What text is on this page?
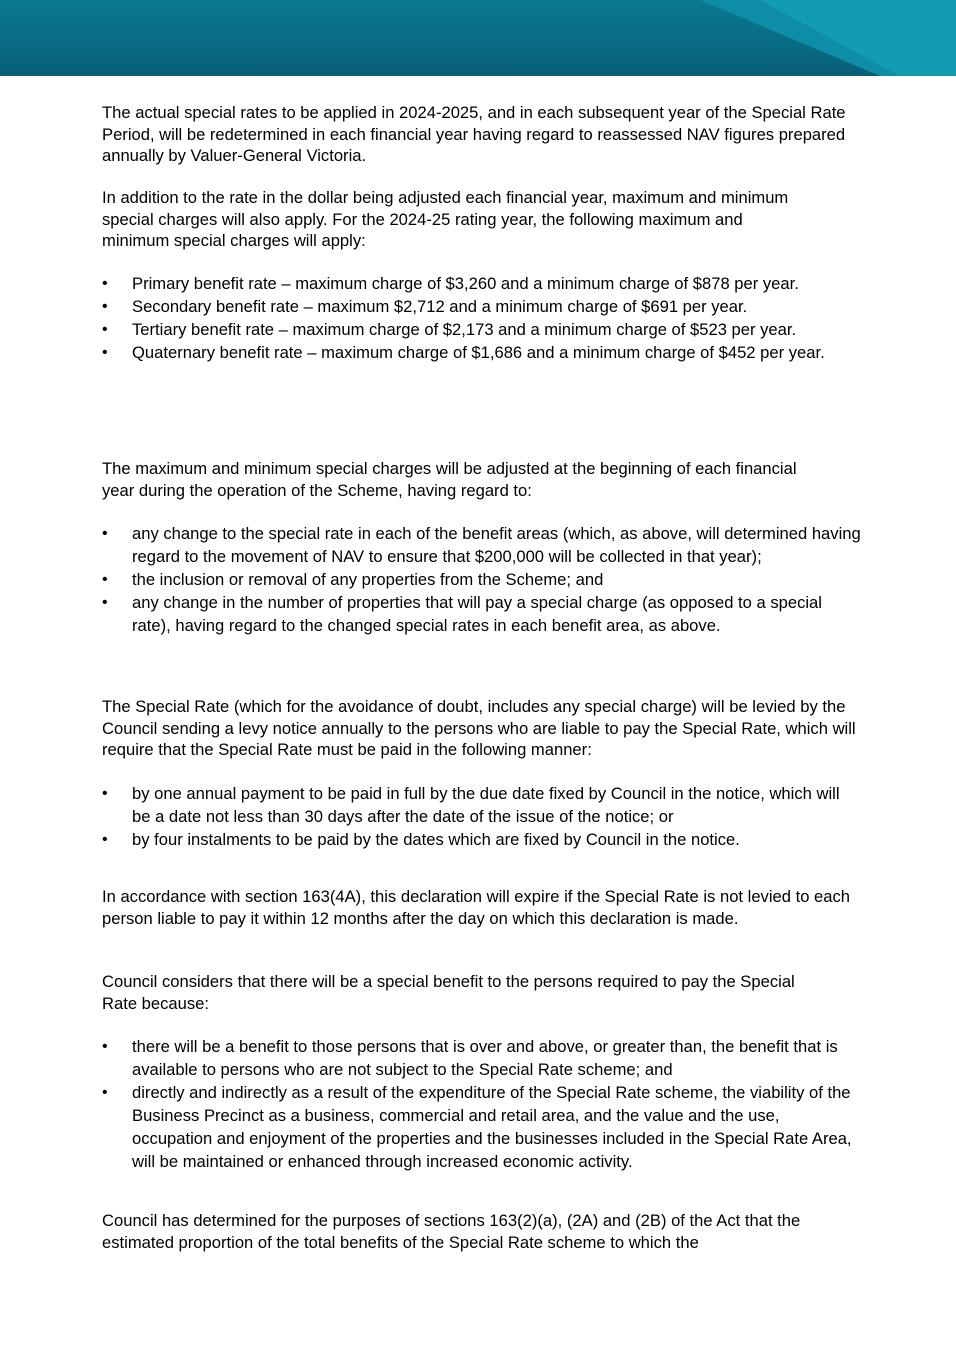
The actual special rates to be applied in 2024-2025, and in each subsequent year of the Special Rate Period, will be redetermined in each financial year having regard to reassessed NAV figures prepared annually by Valuer-General Victoria.

In addition to the rate in the dollar being adjusted each financial year, maximum and minimum special charges will also apply. For the 2024-25 rating year, the following maximum and minimum special charges will apply:

• Primary benefit rate – maximum charge of $3,260 and a minimum charge of $878 per year.
• Secondary benefit rate – maximum $2,712 and a minimum charge of $691 per year.
• Tertiary benefit rate – maximum charge of $2,173 and a minimum charge of $523 per year.
• Quaternary benefit rate – maximum charge of $1,686 and a minimum charge of $452 per year.

The maximum and minimum special charges will be adjusted at the beginning of each financial year during the operation of the Scheme, having regard to:

• any change to the special rate in each of the benefit areas (which, as above, will determined having regard to the movement of NAV to ensure that $200,000 will be collected in that year);
• the inclusion or removal of any properties from the Scheme; and
• any change in the number of properties that will pay a special charge (as opposed to a special rate), having regard to the changed special rates in each benefit area, as above.

The Special Rate (which for the avoidance of doubt, includes any special charge) will be levied by the Council sending a levy notice annually to the persons who are liable to pay the Special Rate, which will require that the Special Rate must be paid in the following manner:

• by one annual payment to be paid in full by the due date fixed by Council in the notice, which will be a date not less than 30 days after the date of the issue of the notice; or
• by four instalments to be paid by the dates which are fixed by Council in the notice.

In accordance with section 163(4A), this declaration will expire if the Special Rate is not levied to each person liable to pay it within 12 months after the day on which this declaration is made.

Council considers that there will be a special benefit to the persons required to pay the Special Rate because:

• there will be a benefit to those persons that is over and above, or greater than, the benefit that is available to persons who are not subject to the Special Rate scheme; and
• directly and indirectly as a result of the expenditure of the Special Rate scheme, the viability of the Business Precinct as a business, commercial and retail area, and the value and the use, occupation and enjoyment of the properties and the businesses included in the Special Rate Area, will be maintained or enhanced through increased economic activity.

Council has determined for the purposes of sections 163(2)(a), (2A) and (2B) of the Act that the estimated proportion of the total benefits of the Special Rate scheme to which the
